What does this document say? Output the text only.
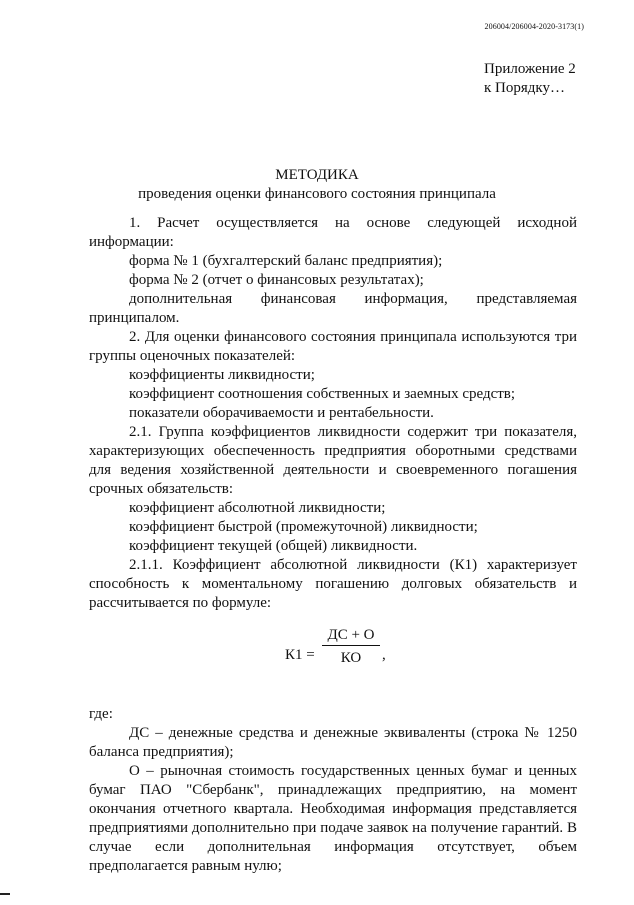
206004/206004-2020-3173(1)
Приложение 2
к Порядку…
МЕТОДИКА
проведения оценки финансового состояния принципала

1. Расчет осуществляется на основе следующей исходной информации:

форма № 1 (бухгалтерский баланс предприятия);

форма № 2 (отчет о финансовых результатах);

дополнительная финансовая информация, представляемая

принципалом.

2. Для оценки финансового состояния принципала используются три группы оценочных показателей:

коэффициенты ликвидности;

коэффициент соотношения собственных и заемных средств;

показатели оборачиваемости и рентабельности.

2.1. Группа коэффициентов ликвидности содержит три показателя, характеризующих обеспеченность предприятия оборотными средствами для ведения хозяйственной деятельности и своевременного погашения срочных обязательств:

коэффициент абсолютной ликвидности;

коэффициент быстрой (промежуточной) ликвидности;

коэффициент текущей (общей) ликвидности.

2.1.1. Коэффициент абсолютной ликвидности (К1) характеризует способность к моментальному погашению долговых обязательств и рассчитывается по формуле:

К1 =
ДС + О
КО	,

где:

ДС – денежные средства и денежные эквиваленты (строка № 1250 баланса предприятия);

О – рыночная стоимость государственных ценных бумаг и ценных бумаг ПАО "Сбербанк", принадлежащих предприятию, на момент окончания отчетного квартала. Необходимая информация представляется предприятиями дополнительно при подаче заявок на получение гарантий. В случае если дополнительная информация отсутствует, объем предполагается равным нулю;
